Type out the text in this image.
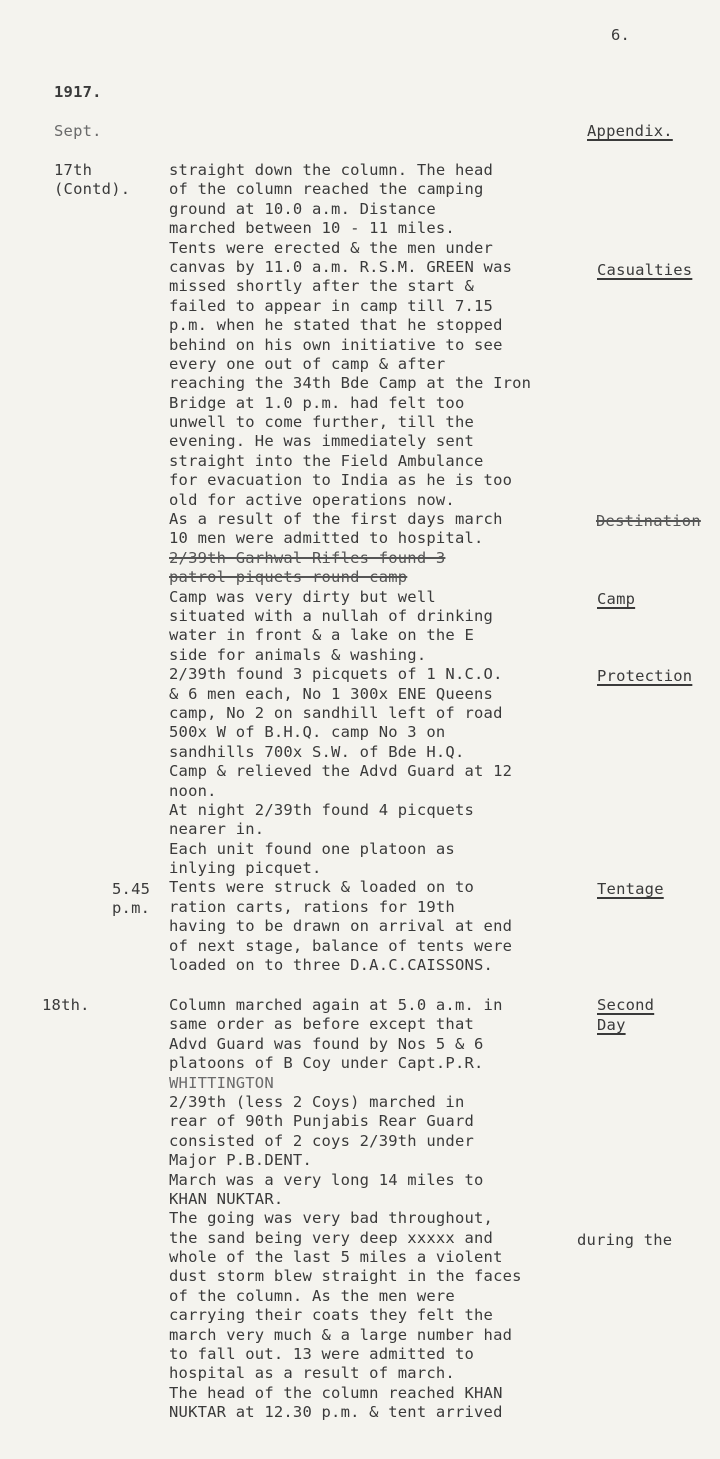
6.
1917.
Sept.	Appendix.
17th
(Contd).
5.45
p.m.
18th.
Casualties
Destination
Camp
Protection
Tentage
Second
Day
during the
straight down the column. The head
of the column reached the camping
ground at 10.0 a.m. Distance
marched between 10 - 11 miles.
Tents were erected & the men under
canvas by 11.0 a.m. R.S.M. GREEN was
missed shortly after the start &
failed to appear in camp till 7.15
p.m. when he stated that he stopped
behind on his own initiative to see
every one out of camp & after
reaching the 34th Bde Camp at the Iron
Bridge at 1.0 p.m. had felt too
unwell to come further, till the
evening. He was immediately sent
straight into the Field Ambulance
for evacuation to India as he is too
old for active operations now.
As a result of the first days march
10 men were admitted to hospital.
2/39th Garhwal Rifles found 3
patrol piquets round camp
Camp was very dirty but well
situated with a nullah of drinking
water in front & a lake on the E
side for animals & washing.
2/39th found 3 picquets of 1 N.C.O.
& 6 men each, No 1 300x ENE Queens
camp, No 2 on sandhill left of road
500x W of B.H.Q. camp No 3 on
sandhills 700x S.W. of Bde H.Q.
Camp & relieved the Advd Guard at 12
noon.
At night 2/39th found 4 picquets
nearer in.
Each unit found one platoon as
inlying picquet.
Tents were struck & loaded on to
ration carts, rations for 19th
having to be drawn on arrival at end
of next stage, balance of tents were
loaded on to three D.A.C.CAISSONS.
Column marched again at 5.0 a.m. in
same order as before except that
Advd Guard was found by Nos 5 & 6
platoons of B Coy under Capt.P.R.
WHITTINGTON
2/39th (less 2 Coys) marched in
rear of 90th Punjabis Rear Guard
consisted of 2 coys 2/39th under
Major P.B.DENT.
March was a very long 14 miles to
KHAN NUKTAR.
The going was very bad throughout,
the sand being very deep xxxxx and
whole of the last 5 miles a violent
dust storm blew straight in the faces
of the column. As the men were
carrying their coats they felt the
march very much & a large number had
to fall out. 13 were admitted to
hospital as a result of march.
The head of the column reached KHAN
NUKTAR at 12.30 p.m. & tent arrived
